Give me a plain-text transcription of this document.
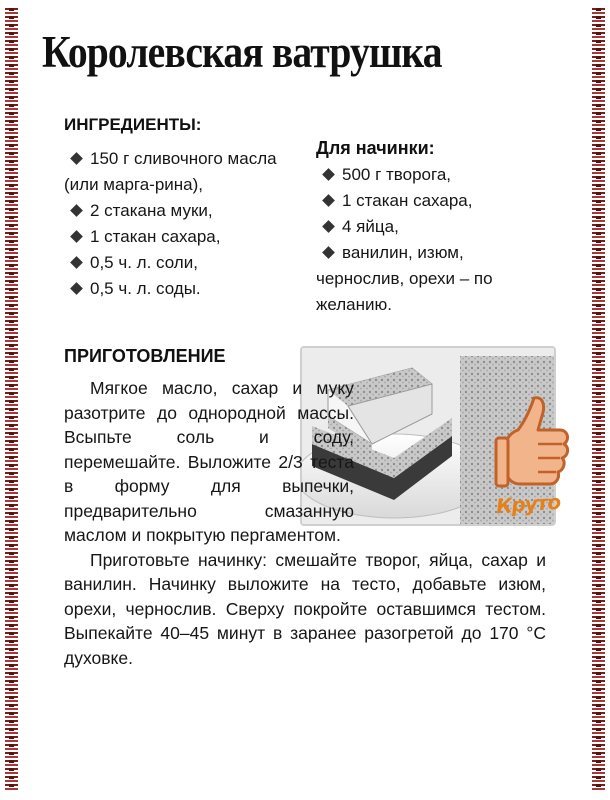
Королевская ватрушка
ИНГРЕДИЕНТЫ:
150 г сливочного масла (или марга-рина),
2 стакана муки,
1 стакан сахара,
0,5 ч. л. соли,
0,5 ч. л. соды.
Для начинки:
500 г творога,
1 стакан сахара,
4 яйца,
ванилин, изюм, чернослив, орехи – по желанию.
ПРИГОТОВЛЕНИЕ
Круто

Мягкое масло, сахар и муку разотрите до однородной массы. Всыпьте соль и соду, перемешайте. Выложите 2/3 теста в форму для выпечки, предварительно смазанную маслом и покрытую пергаментом.

Приготовьте начинку: смешайте творог, яйца, сахар и ванилин. Начинку выложите на тесто, добавьте изюм, орехи, чернослив. Сверху покройте оставшимся тестом. Выпекайте 40–45 минут в заранее разогретой до 170 °С духовке.
